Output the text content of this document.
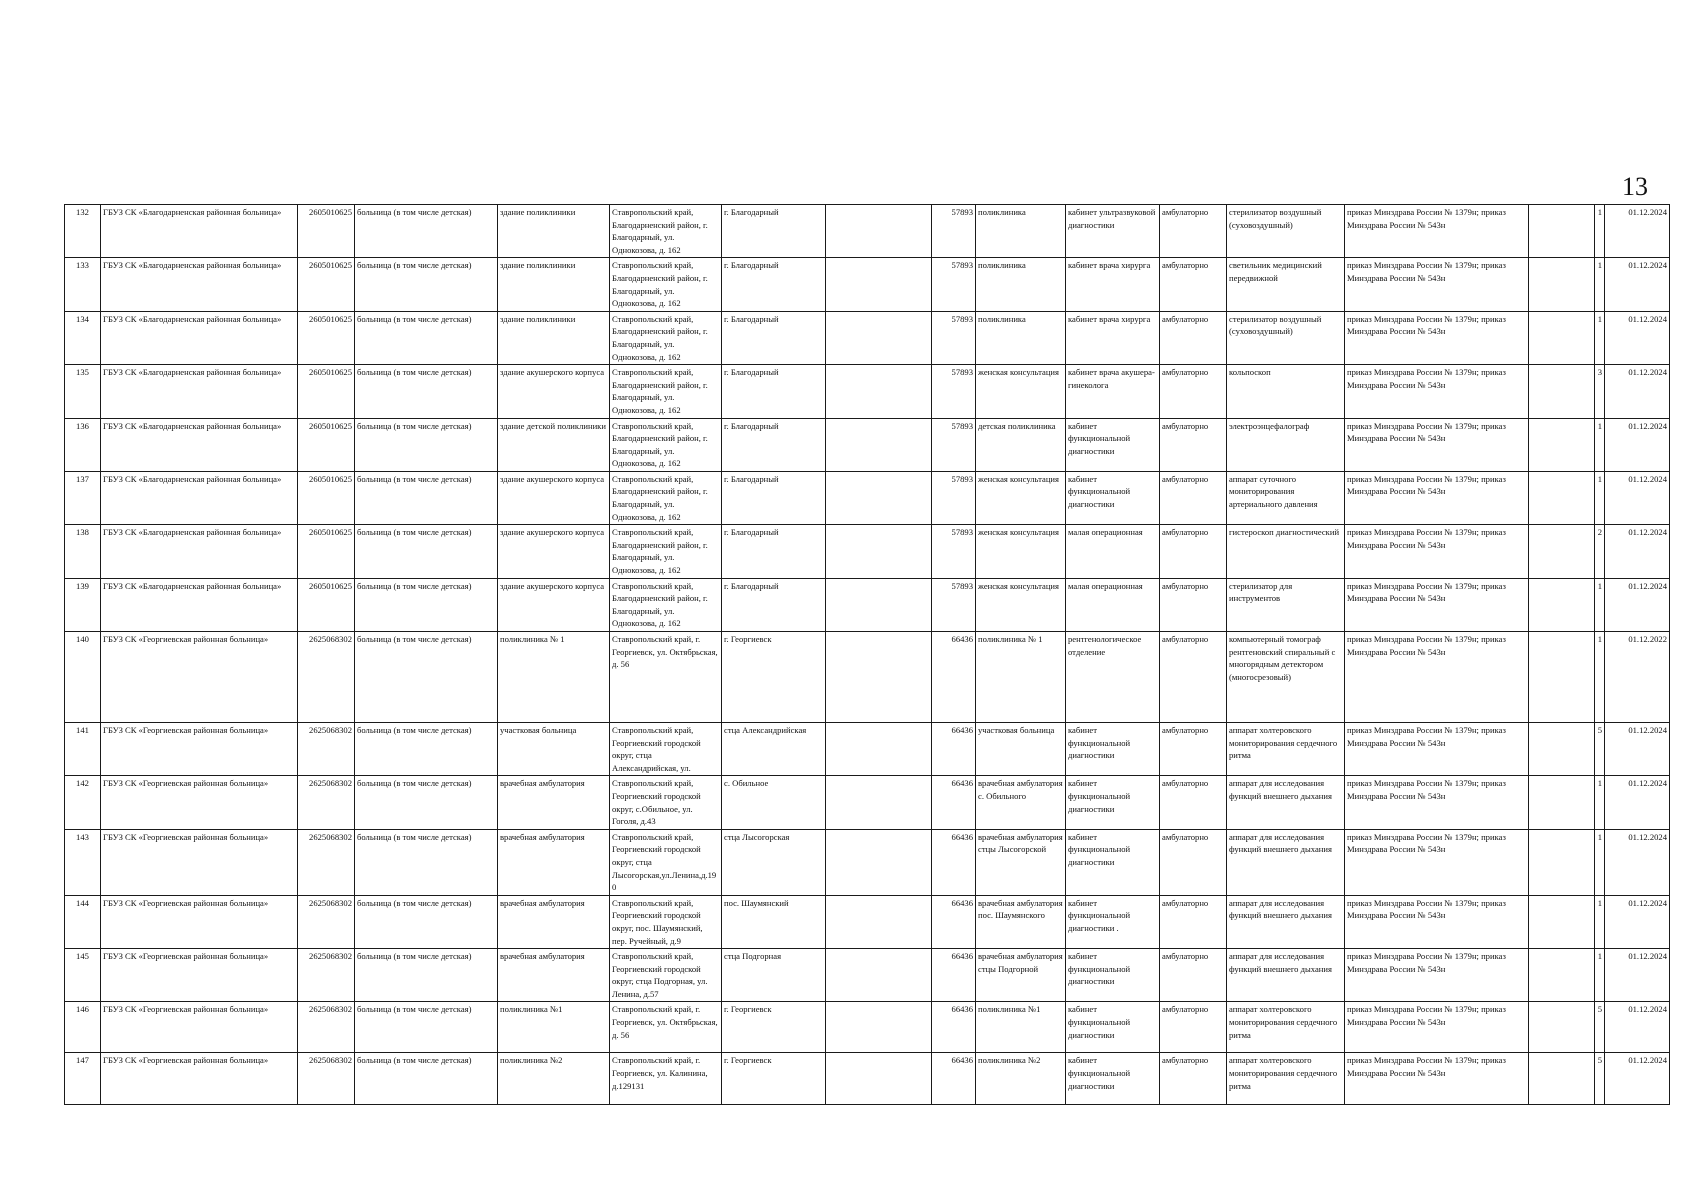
13
132	ГБУЗ СК «Благодарненская районная больница»	2605010625	больница (в том числе детская)	здание поликлиники	Ставропольский край, Благодарненский район, г. Благодарный, ул. Однокозова, д. 162	г. Благодарный		57893	поликлиника	кабинет ультразвуковой диагностики	амбулаторно	стерилизатор воздушный (суховоздушный)	приказ Минздрава России № 1379н; приказ Минздрава России № 543н		1	01.12.2024
133	ГБУЗ СК «Благодарненская районная больница»	2605010625	больница (в том числе детская)	здание поликлиники	Ставропольский край, Благодарненский район, г. Благодарный, ул. Однокозова, д. 162	г. Благодарный		57893	поликлиника	кабинет врача хирурга	амбулаторно	светильник медицинский передвижной	приказ Минздрава России № 1379н; приказ Минздрава России № 543н		1	01.12.2024
134	ГБУЗ СК «Благодарненская районная больница»	2605010625	больница (в том числе детская)	здание поликлиники	Ставропольский край, Благодарненский район, г. Благодарный, ул. Однокозова, д. 162	г. Благодарный		57893	поликлиника	кабинет врача хирурга	амбулаторно	стерилизатор воздушный (суховоздушный)	приказ Минздрава России № 1379н; приказ Минздрава России № 543н		1	01.12.2024
135	ГБУЗ СК «Благодарненская районная больница»	2605010625	больница (в том числе детская)	здание акушерского корпуса	Ставропольский край, Благодарненский район, г. Благодарный, ул. Однокозова, д. 162	г. Благодарный		57893	женская консультация	кабинет врача акушера-гинеколога	амбулаторно	кольпоскоп	приказ Минздрава России № 1379н; приказ Минздрава России № 543н		3	01.12.2024
136	ГБУЗ СК «Благодарненская районная больница»	2605010625	больница (в том числе детская)	здание детской поликлиники	Ставропольский край, Благодарненский район, г. Благодарный, ул. Однокозова, д. 162	г. Благодарный		57893	детская поликлиника	кабинет функциональной диагностики	амбулаторно	электроэнцефалограф	приказ Минздрава России № 1379н; приказ Минздрава России № 543н		1	01.12.2024
137	ГБУЗ СК «Благодарненская районная больница»	2605010625	больница (в том числе детская)	здание акушерского корпуса	Ставропольский край, Благодарненский район, г. Благодарный, ул. Однокозова, д. 162	г. Благодарный		57893	женская консультация	кабинет функциональной диагностики	амбулаторно	аппарат суточного мониторирования артериального давления	приказ Минздрава России № 1379н; приказ Минздрава России № 543н		1	01.12.2024
138	ГБУЗ СК «Благодарненская районная больница»	2605010625	больница (в том числе детская)	здание акушерского корпуса	Ставропольский край, Благодарненский район, г. Благодарный, ул. Однокозова, д. 162	г. Благодарный		57893	женская консультация	малая операционная	амбулаторно	гистероскоп диагностический	приказ Минздрава России № 1379н; приказ Минздрава России № 543н		2	01.12.2024
139	ГБУЗ СК «Благодарненская районная больница»	2605010625	больница (в том числе детская)	здание акушерского корпуса	Ставропольский край, Благодарненский район, г. Благодарный, ул. Однокозова, д. 162	г. Благодарный		57893	женская консультация	малая операционная	амбулаторно	стерилизатор для инструментов	приказ Минздрава России № 1379н; приказ Минздрава России № 543н		1	01.12.2024
140	ГБУЗ СК «Георгиевская районная больница»	2625068302	больница (в том числе детская)	поликлиника № 1	Ставропольский край, г. Георгиевск, ул. Октябрьская, д. 56	г. Георгиевск		66436	поликлиника № 1	рентгенологическое отделение	амбулаторно	компьютерный томограф рентгеновский спиральный с многорядным детектором (многосрезовый)	приказ Минздрава России № 1379н; приказ Минздрава России № 543н		1	01.12.2022
141	ГБУЗ СК «Георгиевская районная больница»	2625068302	больница (в том числе детская)	участковая больница	Ставропольский край, Георгиевский городской округ, стца Александрийская, ул.	стца Александрийская		66436	участковая больница	кабинет функциональной диагностики	амбулаторно	аппарат холтеровского мониторирования сердечного ритма	приказ Минздрава России № 1379н; приказ Минздрава России № 543н		5	01.12.2024
142	ГБУЗ СК «Георгиевская районная больница»	2625068302	больница (в том числе детская)	врачебная амбулатория	Ставропольский край, Георгиевский городской округ, с.Обильное, ул. Гоголя, д.43	с. Обильное		66436	врачебная амбулатория с. Обильного	кабинет функциональной диагностики	амбулаторно	аппарат для исследования функций внешнего дыхания	приказ Минздрава России № 1379н; приказ Минздрава России № 543н		1	01.12.2024
143	ГБУЗ СК «Георгиевская районная больница»	2625068302	больница (в том числе детская)	врачебная амбулатория	Ставропольский край, Георгиевский городской округ, стца Лысогорская,ул.Ленина,д.190	стца Лысогорская		66436	врачебная амбулатория стцы Лысогорской	кабинет функциональной диагностики	амбулаторно	аппарат для исследования функций внешнего дыхания	приказ Минздрава России № 1379н; приказ Минздрава России № 543н		1	01.12.2024
144	ГБУЗ СК «Георгиевская районная больница»	2625068302	больница (в том числе детская)	врачебная амбулатория	Ставропольский край, Георгиевский городской округ, пос. Шаумянский, пер. Ручейный, д.9	пос. Шаумянский		66436	врачебная амбулатория пос. Шаумянского	кабинет функциональной диагностики .	амбулаторно	аппарат для исследования функций внешнего дыхания	приказ Минздрава России № 1379н; приказ Минздрава России № 543н		1	01.12.2024
145	ГБУЗ СК «Георгиевская районная больница»	2625068302	больница (в том числе детская)	врачебная амбулатория	Ставропольский край, Георгиевский городской округ, стца Подгорная, ул. Ленина, д.57	стца Подгорная		66436	врачебная амбулатория стцы Подгорной	кабинет функциональной диагностики	амбулаторно	аппарат для исследования функций внешнего дыхания	приказ Минздрава России № 1379н; приказ Минздрава России № 543н		1	01.12.2024
146	ГБУЗ СК «Георгиевская районная больница»	2625068302	больница (в том числе детская)	поликлиника №1	Ставропольский край, г. Георгиевск, ул. Октябрьская, д. 56	г. Георгиевск		66436	поликлиника №1	кабинет функциональной диагностики	амбулаторно	аппарат холтеровского мониторирования сердечного ритма	приказ Минздрава России № 1379н; приказ Минздрава России № 543н		5	01.12.2024
147	ГБУЗ СК «Георгиевская районная больница»	2625068302	больница (в том числе детская)	поликлиника №2	Ставропольский край, г. Георгиевск, ул. Калинина, д.129131	г. Георгиевск		66436	поликлиника №2	кабинет функциональной диагностики	амбулаторно	аппарат холтеровского мониторирования сердечного ритма	приказ Минздрава России № 1379н; приказ Минздрава России № 543н		5	01.12.2024
